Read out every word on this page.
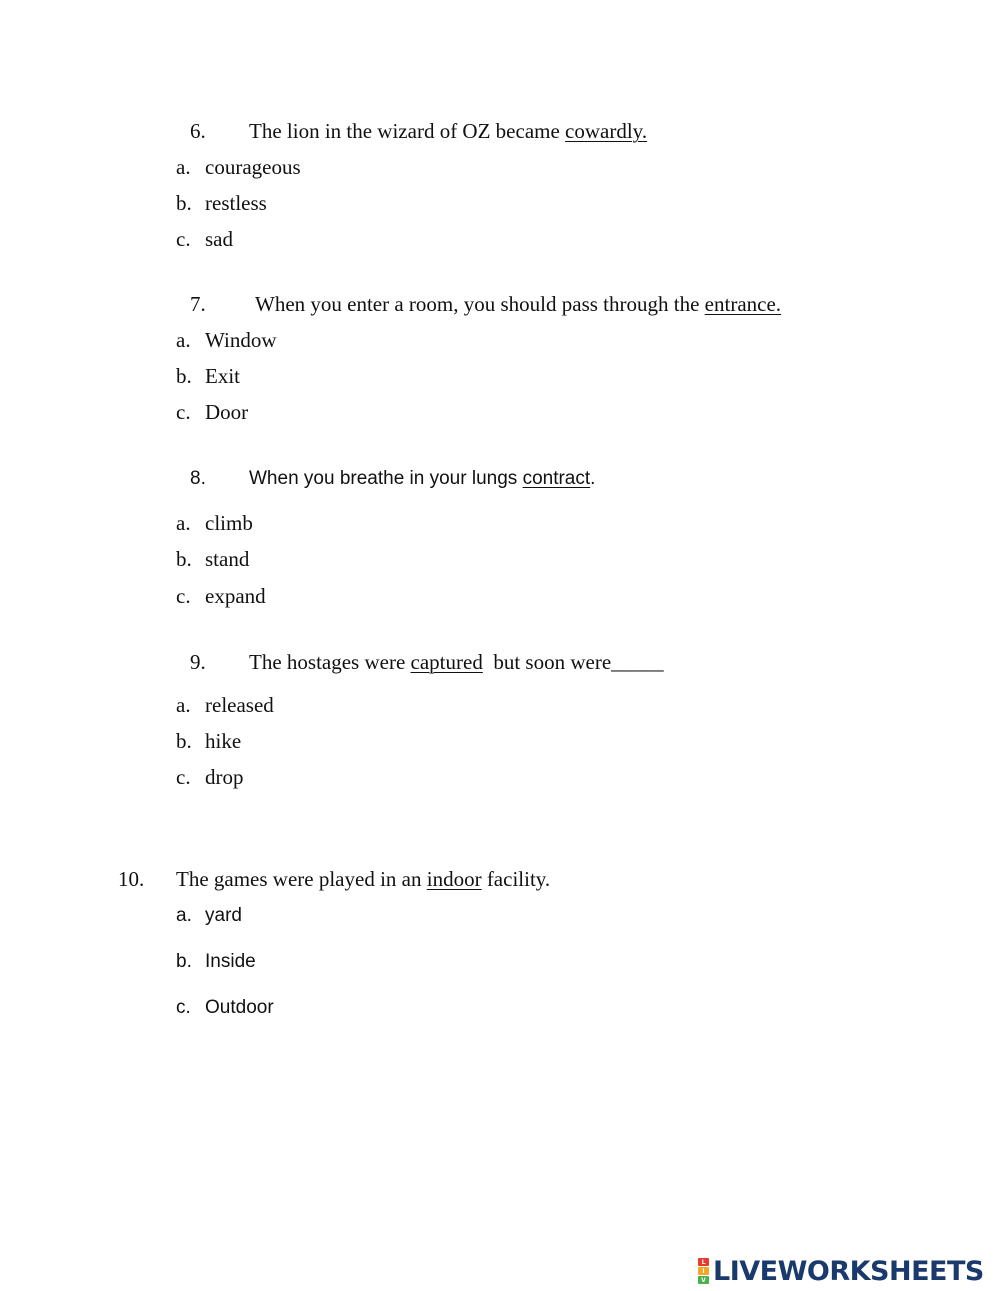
6. The lion in the wizard of OZ became cowardly.
a. courageous
b. restless
c. sad
7. When you enter a room, you should pass through the entrance.
a. Window
b. Exit
c. Door
8. When you breathe in your lungs contract.
a. climb
b. stand
c. expand
9. The hostages were captured  but soon were_____
a. released
b. hike
c. drop
10. The games were played in an indoor facility.
a. yard
b. Inside
c. Outdoor
L
I
V LIVEWORKSHEETS
